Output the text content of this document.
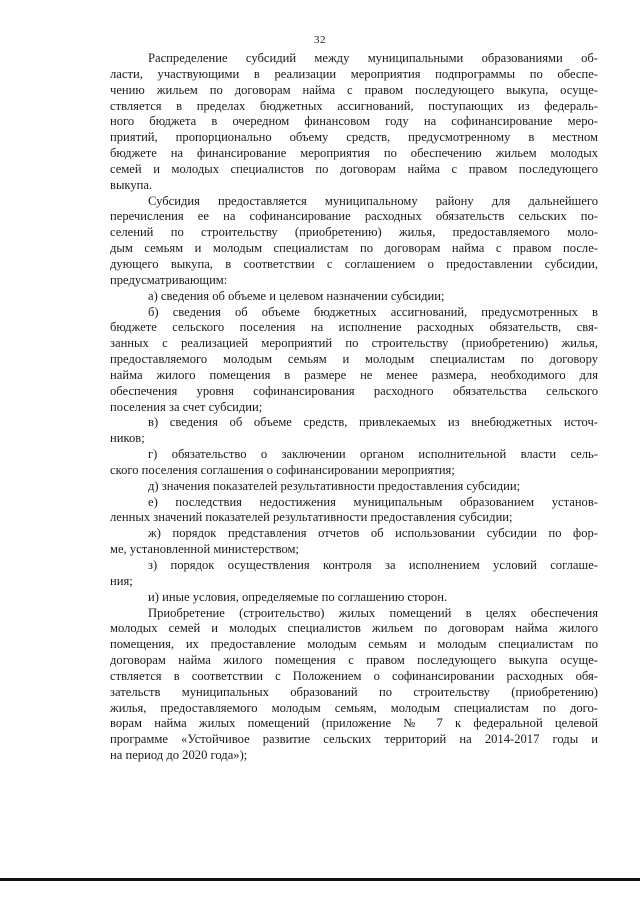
32
Распределение субсидий между муниципальными образованиями об-
ласти, участвующими в реализации мероприятия подпрограммы по обеспе-
чению жильем по договорам найма с правом последующего выкупа, осуще-
ствляется в пределах бюджетных ассигнований, поступающих из федераль-
ного бюджета в очередном финансовом году на софинансирование меро-
приятий, пропорционально объему средств, предусмотренному в местном
бюджете на финансирование мероприятия по обеспечению жильем молодых
семей и молодых специалистов по договорам найма с правом последующего
выкупа.
Субсидия предоставляется муниципальному району для дальнейшего
перечисления ее на софинансирование расходных обязательств сельских по-
селений по строительству (приобретению) жилья, предоставляемого моло-
дым семьям и молодым специалистам по договорам найма с правом после-
дующего выкупа, в соответствии с соглашением о предоставлении субсидии,
предусматривающим:
а) сведения об объеме и целевом назначении субсидии;
б) сведения об объеме бюджетных ассигнований, предусмотренных в
бюджете сельского поселения на исполнение расходных обязательств, свя-
занных с реализацией мероприятий по строительству (приобретению) жилья,
предоставляемого молодым семьям и молодым специалистам по договору
найма жилого помещения в размере не менее размера, необходимого для
обеспечения уровня софинансирования расходного обязательства сельского
поселения за счет субсидии;
в) сведения об объеме средств, привлекаемых из внебюджетных источ-
ников;
г) обязательство о заключении органом исполнительной власти сель-
ского поселения соглашения о софинансировании мероприятия;
д) значения показателей результативности предоставления субсидии;
е) последствия недостижения муниципальным образованием установ-
ленных значений показателей результативности предоставления субсидии;
ж) порядок представления отчетов об использовании субсидии по фор-
ме, установленной министерством;
з) порядок осуществления контроля за исполнением условий соглаше-
ния;
и) иные условия, определяемые по соглашению сторон.
Приобретение (строительство) жилых помещений в целях обеспечения
молодых семей и молодых специалистов жильем по договорам найма жилого
помещения, их предоставление молодым семьям и молодым специалистам по
договорам найма жилого помещения с правом последующего выкупа осуще-
ствляется в соответствии с Положением о софинансировании расходных обя-
зательств муниципальных образований по строительству (приобретению)
жилья, предоставляемого молодым семьям, молодым специалистам по дого-
ворам найма жилых помещений (приложение № 7 к федеральной целевой
программе «Устойчивое развитие сельских территорий на 2014-2017 годы и
на период до 2020 года»);
